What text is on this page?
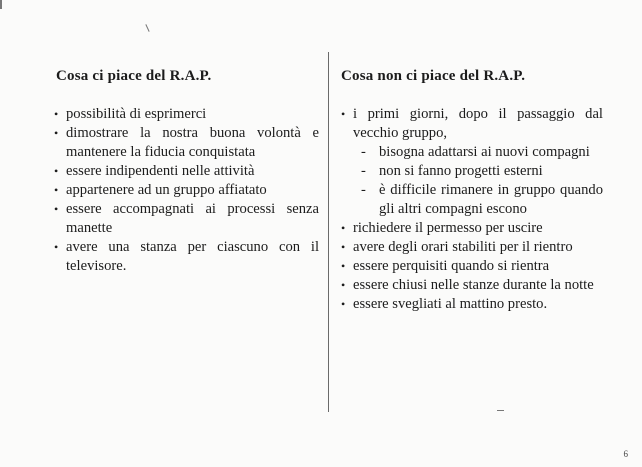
Cosa ci piace del R.A.P.
• possibilità di esprimerci
• dimostrare la nostra buona volontà e mantenere la fiducia conquistata
• essere indipendenti nelle attività
• appartenere ad un gruppo affiatato
• essere accompagnati ai processi senza manette
• avere una stanza per ciascuno con il televisore.
Cosa non ci piace del R.A.P.
• i primi giorni, dopo il passaggio dal vecchio gruppo,
- bisogna adattarsi ai nuovi compagni
- non si fanno progetti esterni
- è difficile rimanere in gruppo quando gli altri compagni escono
• richiedere il permesso per uscire
• avere degli orari stabiliti per il rientro
• essere perquisiti quando si rientra
• essere chiusi nelle stanze durante la notte
• essere svegliati al mattino presto.
6
